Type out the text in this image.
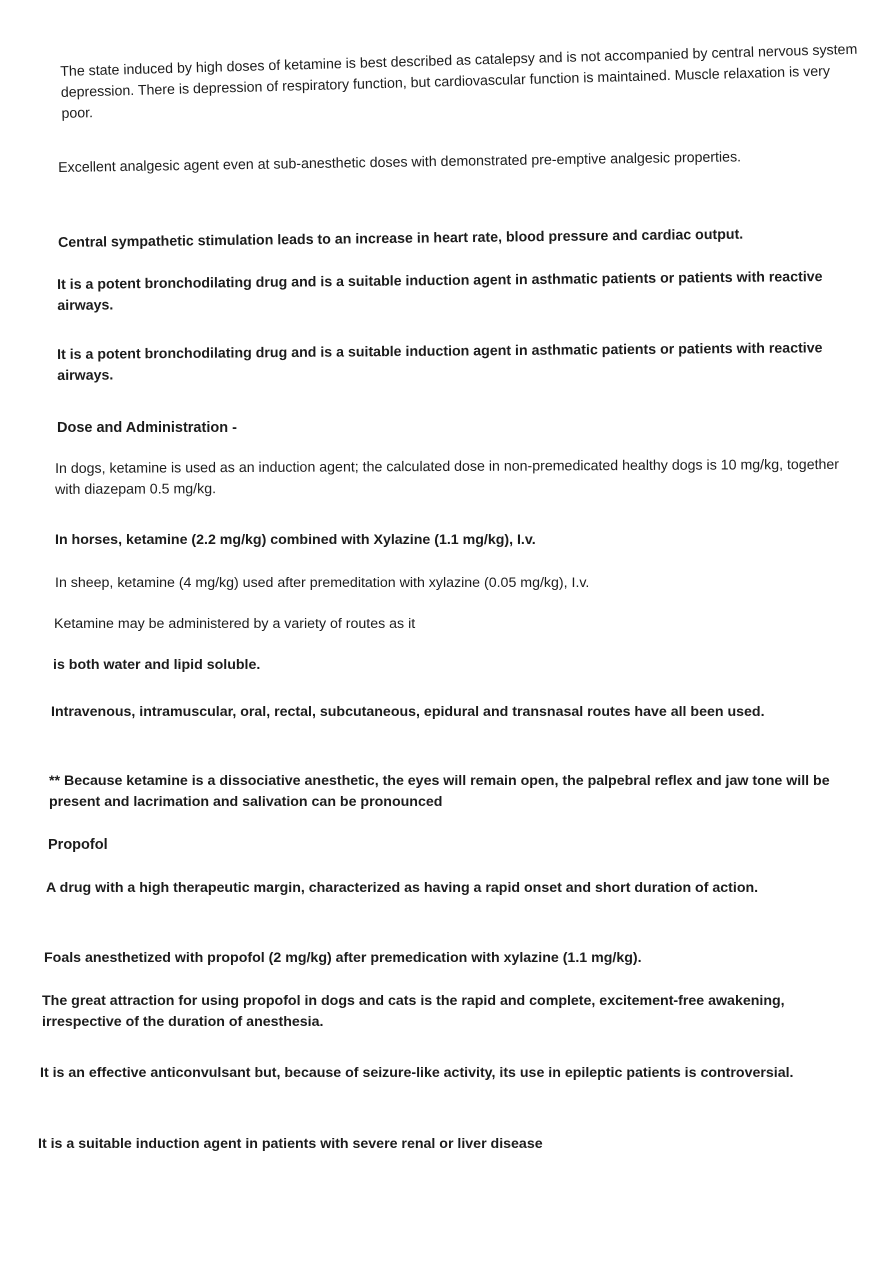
The state induced by high doses of ketamine is best described as catalepsy and is not accompanied by central nervous system depression. There is depression of respiratory function, but cardiovascular function is maintained. Muscle relaxation is very poor.

Excellent analgesic agent even at sub-anesthetic doses with demonstrated pre-emptive analgesic properties.

Central sympathetic stimulation leads to an increase in heart rate, blood pressure and cardiac output.

It is a potent bronchodilating drug and is a suitable induction agent in asthmatic patients or patients with reactive airways.

It is a potent bronchodilating drug and is a suitable induction agent in asthmatic patients or patients with reactive airways.

Dose and Administration -

In dogs, ketamine is used as an induction agent; the calculated dose in non-premedicated healthy dogs is 10 mg/kg, together with diazepam 0.5 mg/kg.

In horses, ketamine (2.2 mg/kg) combined with Xylazine (1.1 mg/kg), I.v.

In sheep, ketamine (4 mg/kg) used after premeditation with xylazine (0.05 mg/kg), I.v.

Ketamine may be administered by a variety of routes as it

is both water and lipid soluble.

Intravenous, intramuscular, oral, rectal, subcutaneous, epidural and transnasal routes have all been used.

** Because ketamine is a dissociative anesthetic, the eyes will remain open, the palpebral reflex and jaw tone will be present and lacrimation and salivation can be pronounced

Propofol

A drug with a high therapeutic margin, characterized as having a rapid onset and short duration of action.

Foals anesthetized with propofol (2 mg/kg) after premedication with xylazine (1.1 mg/kg).

The great attraction for using propofol in dogs and cats is the rapid and complete, excitement-free awakening, irrespective of the duration of anesthesia.

It is an effective anticonvulsant but, because of seizure-like activity, its use in epileptic patients is controversial.

It is a suitable induction agent in patients with severe renal or liver disease
